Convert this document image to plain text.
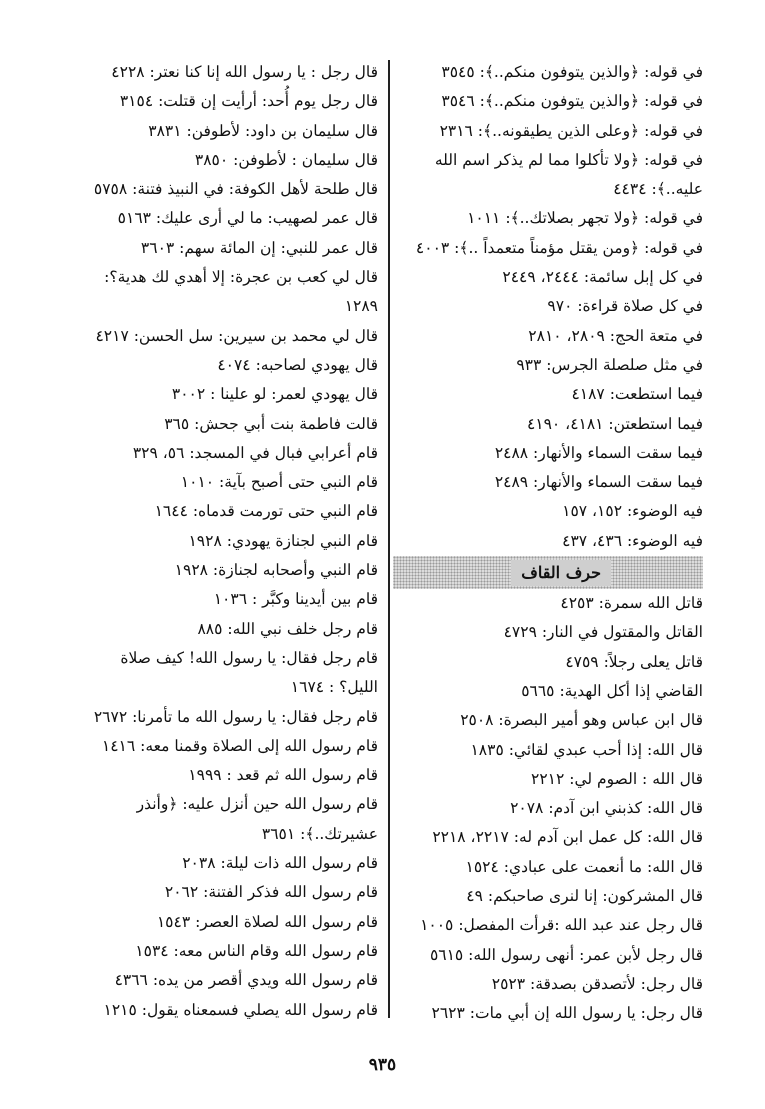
في قوله: ﴿والذين يتوفون منكم..﴾: ٣٥٤٥
في قوله: ﴿والذين يتوفون منكم..﴾: ٣٥٤٦
في قوله: ﴿وعلى الذين يطيقونه..﴾: ٢٣١٦
في قوله: ﴿ولا تأكلوا مما لم يذكر اسم الله عليه..﴾: ٤٤٣٤
في قوله: ﴿ولا تجهر بصلاتك..﴾: ١٠١١
في قوله: ﴿ومن يقتل مؤمناً متعمداً ..﴾: ٤٠٠٣
في كل إبل سائمة: ٢٤٤٤، ٢٤٤٩
في كل صلاة قراءة: ٩٧٠
في متعة الحج: ٢٨٠٩، ٢٨١٠
في مثل صلصلة الجرس: ٩٣٣
فيما استطعت: ٤١٨٧
فيما استطعتن: ٤١٨١، ٤١٩٠
فيما سقت السماء والأنهار: ٢٤٨٨
فيما سقت السماء والأنهار: ٢٤٨٩
فيه الوضوء: ١٥٢، ١٥٧
فيه الوضوء: ٤٣٦، ٤٣٧
حرف القاف
قاتل الله سمرة: ٤٢٥٣
القاتل والمقتول في النار: ٤٧٢٩
قاتل يعلى رجلاً: ٤٧٥٩
القاضي إذا أكل الهدية: ٥٦٦٥
قال ابن عباس وهو أمير البصرة: ٢٥٠٨
قال الله: إذا أحب عبدي لقائي: ١٨٣٥
قال الله : الصوم لي: ٢٢١٢
قال الله: كذبني ابن آدم: ٢٠٧٨
قال الله: كل عمل ابن آدم له: ٢٢١٧، ٢٢١٨
قال الله: ما أنعمت على عبادي: ١٥٢٤
قال المشركون: إنا لنرى صاحبكم: ٤٩
قال رجل عند عبد الله :قرأت المفصل: ١٠٠٥
قال رجل لأبن عمر: أنهى رسول الله: ٥٦١٥
قال رجل: لأتصدقن بصدقة: ٢٥٢٣
قال رجل: يا رسول الله إن أبي مات: ٢٦٢٣
قال رجل : يا رسول الله إنا كنا نعتر: ٤٢٢٨
قال رجل يوم أُحد: أرأيت إن قتلت: ٣١٥٤
قال سليمان بن داود: لأطوفن: ٣٨٣١
قال سليمان : لأطوفن: ٣٨٥٠
قال طلحة لأهل الكوفة: في النبيذ فتنة: ٥٧٥٨
قال عمر لصهيب: ما لي أرى عليك: ٥١٦٣
قال عمر للنبي: إن المائة سهم: ٣٦٠٣
قال لي كعب بن عجرة: إلا أهدي لك هدية؟: ١٢٨٩
قال لي محمد بن سيرين: سل الحسن: ٤٢١٧
قال يهودي لصاحبه: ٤٠٧٤
قال يهودي لعمر: لو علينا : ٣٠٠٢
قالت فاطمة بنت أبي جحش: ٣٦٥
قام أعرابي فبال في المسجد: ٥٦، ٣٢٩
قام النبي حتى أصبح بآية: ١٠١٠
قام النبي حتى تورمت قدماه: ١٦٤٤
قام النبي لجنازة يهودي: ١٩٢٨
قام النبي وأصحابه لجنازة: ١٩٢٨
قام بين أيدينا وكبَّر : ١٠٣٦
قام رجل خلف نبي الله: ٨٨٥
قام رجل فقال: يا رسول الله! كيف صلاة الليل؟ : ١٦٧٤
قام رجل فقال: يا رسول الله ما تأمرنا: ٢٦٧٢
قام رسول الله إلى الصلاة وقمنا معه: ١٤١٦
قام رسول الله ثم قعد : ١٩٩٩
قام رسول الله حين أنزل عليه: ﴿وأنذر عشيرتك..﴾: ٣٦٥١
قام رسول الله ذات ليلة: ٢٠٣٨
قام رسول الله فذكر الفتنة: ٢٠٦٢
قام رسول الله لصلاة العصر: ١٥٤٣
قام رسول الله وقام الناس معه: ١٥٣٤
قام رسول الله ويدي أقصر من يده: ٤٣٦٦
قام رسول الله يصلي فسمعناه يقول: ١٢١٥
٩٣٥
